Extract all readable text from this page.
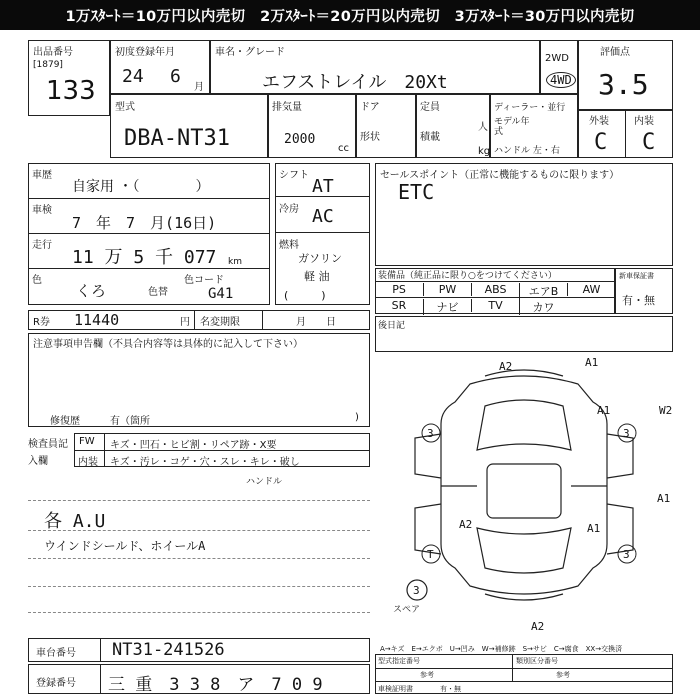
1万ｽﾀｰﾄ＝10万円以内売切　2万ｽﾀｰﾄ＝20万円以内売切　3万ｽﾀｰﾄ＝30万円以内売切
出品番号
[1879]
133
初度登録年月
24 6
月
車名・グレード
エフストレイル　20Xt
2WD
4WD
評価点
3.5
型式
DBA-NT31
排気量
2000
cc
ドア
形状
定員
人
積載
kg
ディーラー・並行
モデル年式
ハンドル 左・右
外装	内装
C C
車歴
自家用 ・（　　　　）
車検
7　年　7　月(16日)
走行
11 万 5 千 077 km
色
くろ	色替
色コード
G41
シフト
AT
冷房 AC
燃料
ガソリン
軽 油
(　　　)
セールスポイント（正常に機能するものに限ります）
ETC
装備品（純正品に限り○をつけてください）
PS	PW	ABS	エアB	AW
SR	ナビ	TV	カワ
新車保証書
有・無
R券 11440	円 名変期限	月　　日	後日記
注意事項申告欄（不具合内容等は具体的に記入して下さい）
修復歴	有（箇所	)
検査員記入欄
FW キズ・凹石・ヒビ割・リペア跡・X要
内装 キズ・汚レ・コゲ・穴・スレ・キレ・破し
ハンドル
各 A.U
ウインドシールド、ホイールA
A2	A1
A1	W2
A1
A2	A1
A2
3	3
3
T
3
スペア
車台番号 NT31-241526
登録番号 三 重　3 3 8　ア　7 0 9
A→キズ　E→エクボ　U→凹み　W→補修跡　S→サビ　C→腐食　XX→交換済
型式指定番号
参考
類別区分番号
参考
車検証明書	有・無
